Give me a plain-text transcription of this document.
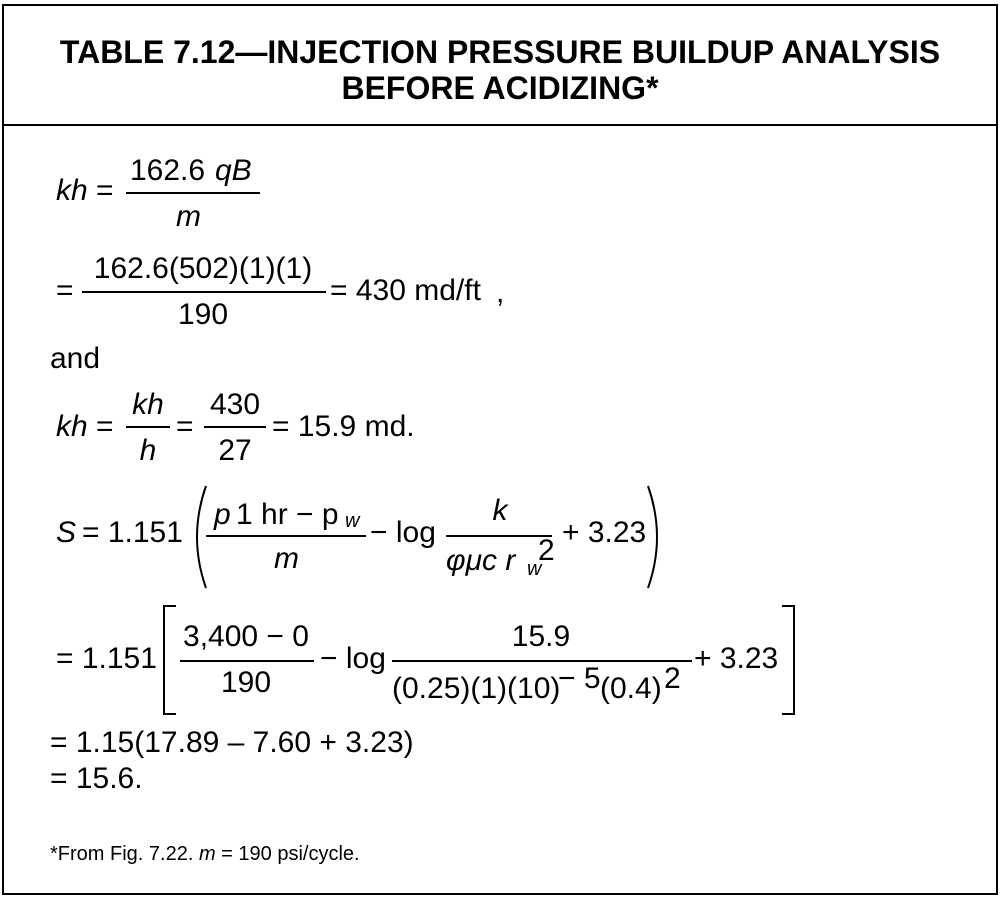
TABLE 7.12—INJECTION PRESSURE BUILDUP ANALYSIS
BEFORE ACIDIZING*
kh =
162.6 qB
m
=
162.6(502)(1)(1)
190
= 430 md/ft ,
and
kh =
kh
h
=
430
27
= 15.9 md.
S = 1.151
p 1 hr − p w
m
− log
k
φμc r w
2
+ 3.23
= 1.151
3,400 − 0
190
− log
15.9
(0.25)(1)(10)
− 5 (0.4) 2
+ 3.23
= 1.15(17.89 – 7.60 + 3.23)
= 15.6.
*From Fig. 7.22. m = 190 psi/cycle.
